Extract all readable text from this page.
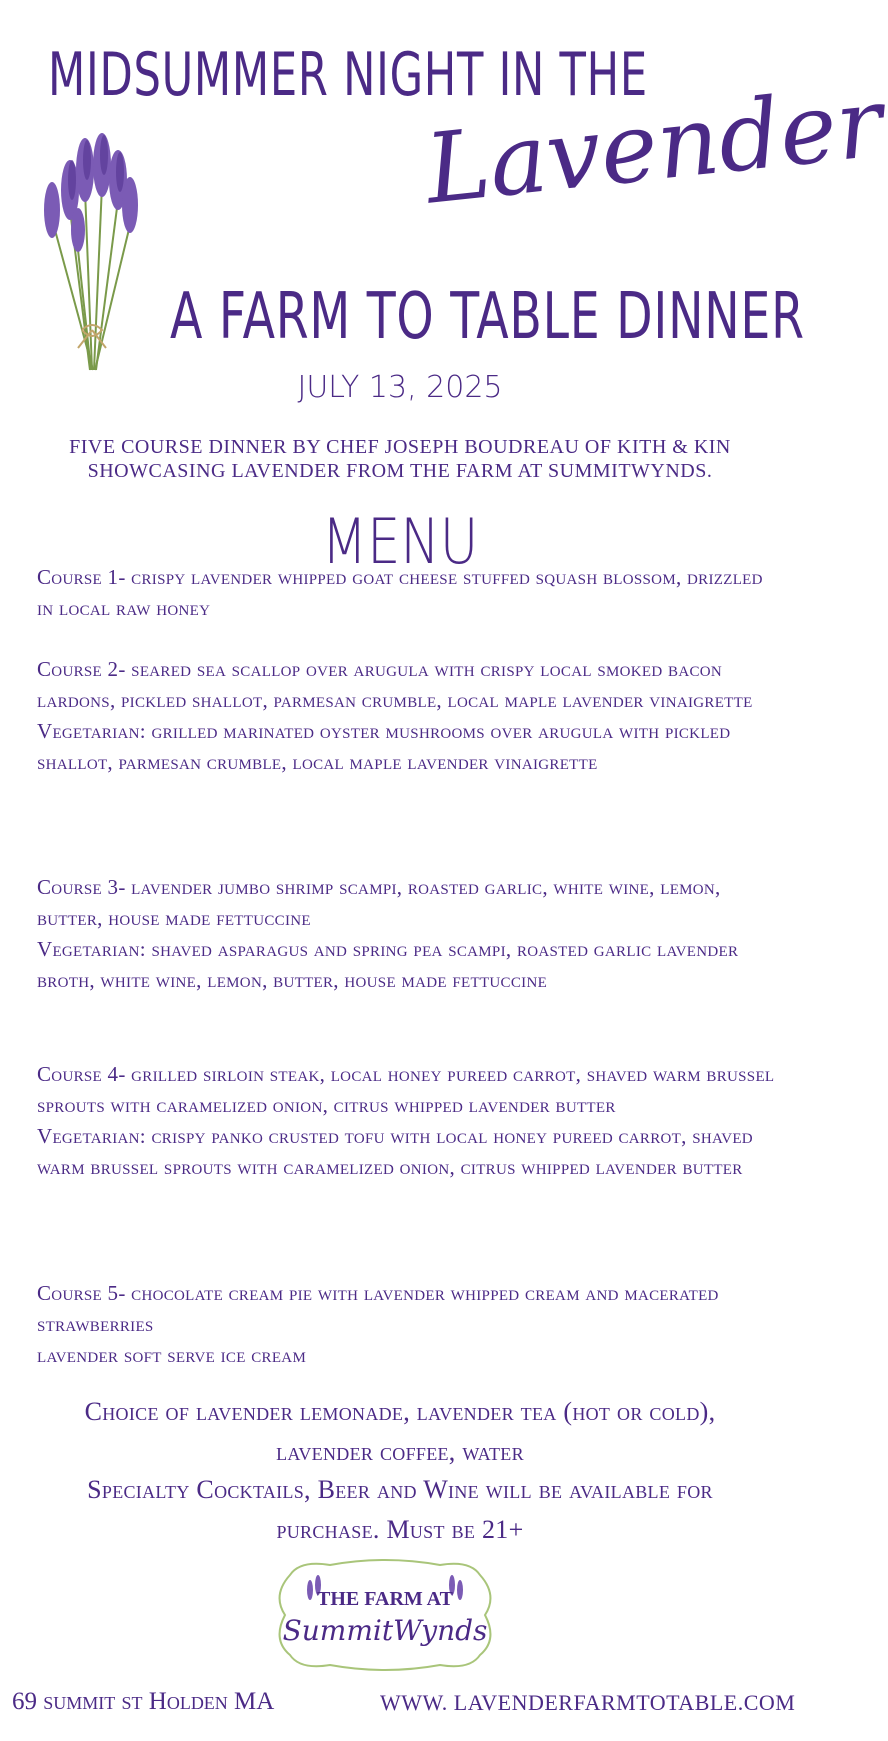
MIDSUMMER NIGHT IN THE
Lavender
A FARM TO TABLE DINNER
JULY 13, 2025
FIVE COURSE DINNER BY CHEF JOSEPH BOUDREAU OF KITH & KIN
SHOWCASING LAVENDER FROM THE FARM AT SUMMITWYNDS.
MENU

Course 1- crispy lavender whipped goat cheese stuffed squash blossom, drizzled in local raw honey

Course 2- seared sea scallop over arugula with crispy local smoked bacon lardons, pickled shallot, parmesan crumble, local maple lavender vinaigrette

Vegetarian: grilled marinated oyster mushrooms over arugula with pickled shallot, parmesan crumble, local maple lavender vinaigrette

Course 3- lavender jumbo shrimp scampi, roasted garlic, white wine, lemon, butter, house made fettuccine

Vegetarian: shaved asparagus and spring pea scampi, roasted garlic lavender broth, white wine, lemon, butter, house made fettuccine

Course 4- grilled sirloin steak, local honey pureed carrot, shaved warm brussel sprouts with caramelized onion, citrus whipped lavender butter

Vegetarian: crispy panko crusted tofu with local honey pureed carrot, shaved warm brussel sprouts with caramelized onion, citrus whipped lavender butter

Course 5- chocolate cream pie with lavender whipped cream and macerated strawberries

lavender soft serve ice cream

Choice of lavender lemonade, lavender tea (hot or cold),
lavender coffee, water
Specialty Cocktails, Beer and Wine will be available for
purchase. Must be 21+
THE FARM AT
SummitWynds
69 summit st Holden MA	WWW. LAVENDERFARMTOTABLE.COM
